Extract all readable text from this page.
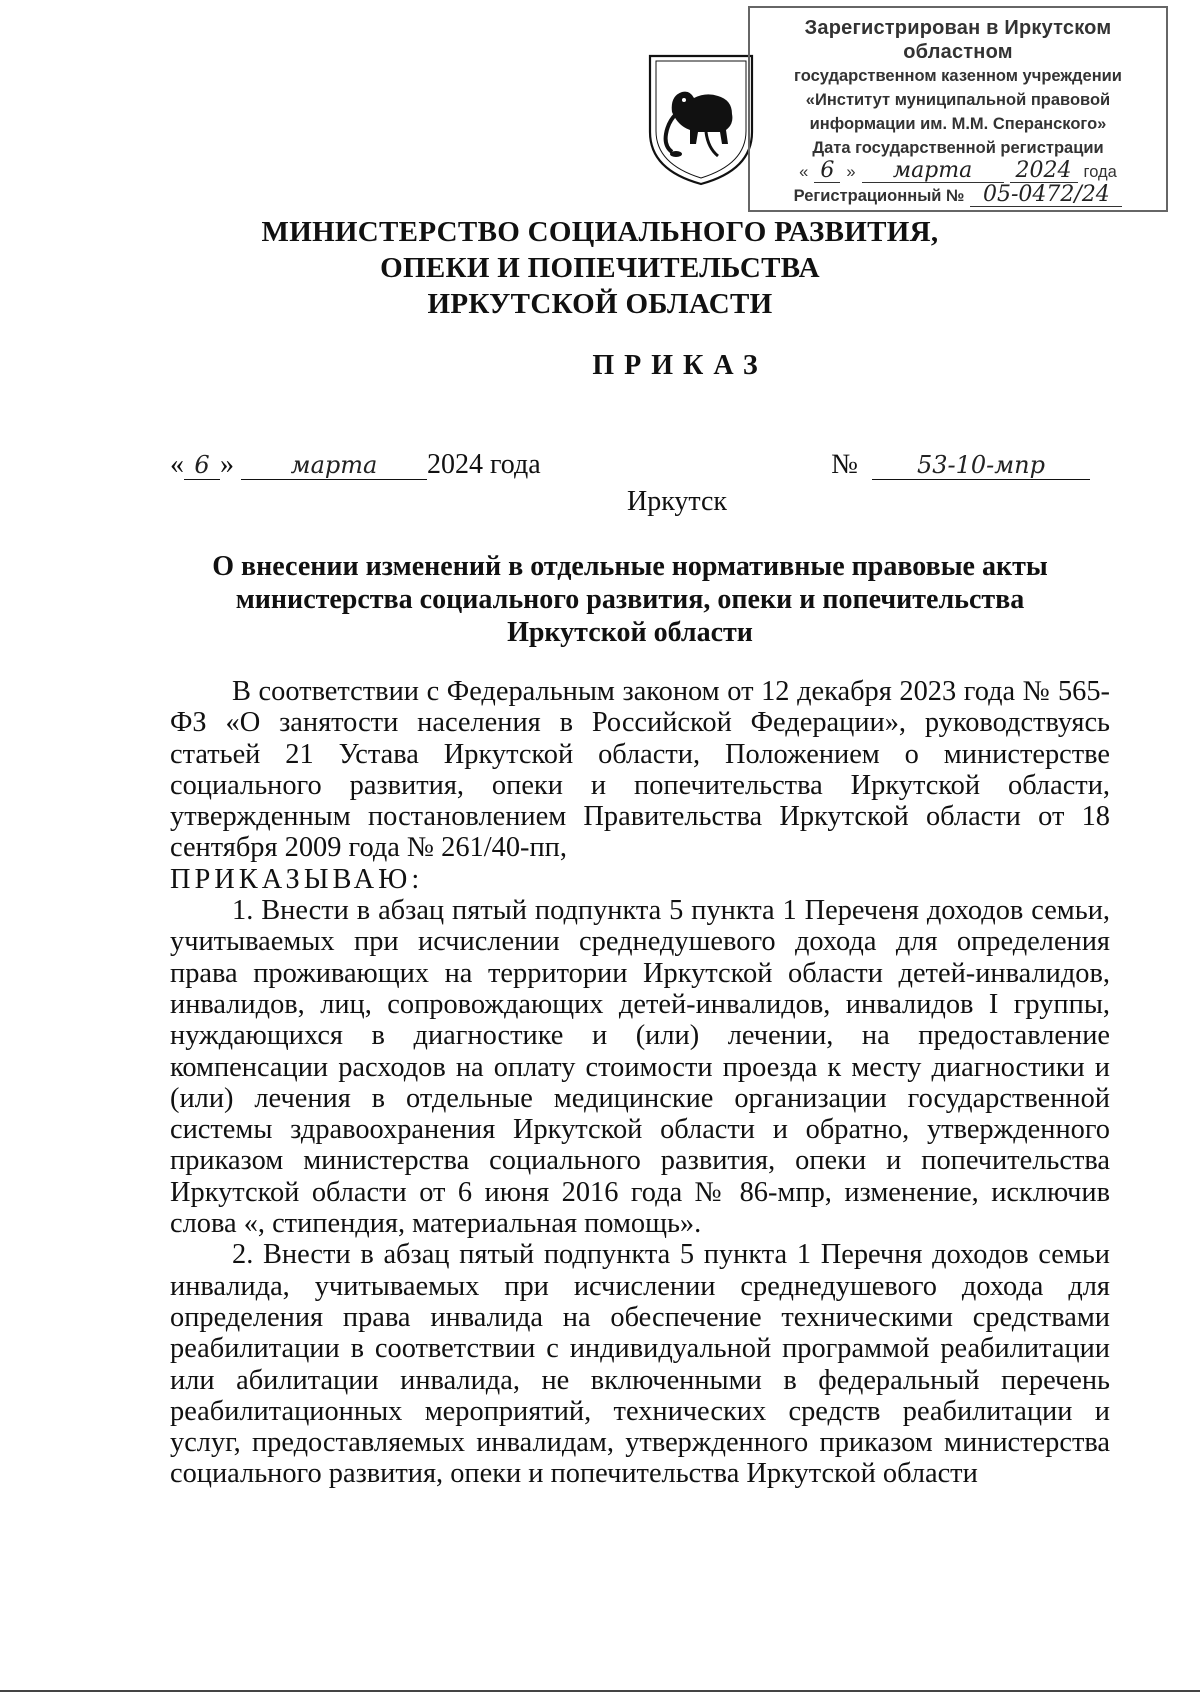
Зарегистрирован в Иркутском областном
государственном казенном учреждении
«Институт муниципальной правовой
информации им. М.М. Сперанского»
Дата государственной регистрации
« 6 »	марта	2024 года
Регистрационный № 05-0472/24
МИНИСТЕРСТВО СОЦИАЛЬНОГО РАЗВИТИЯ,
ОПЕКИ И ПОПЕЧИТЕЛЬСТВА
ИРКУТСКОЙ ОБЛАСТИ
ПРИКАЗ
« 6 » марта 2024 года	№ 53-10-мпр
Иркутск
О внесении изменений в отдельные нормативные правовые акты
министерства социального развития, опеки и попечительства
Иркутской области

В соответствии с Федеральным законом от 12 декабря 2023 года № 565-ФЗ «О занятости населения в Российской Федерации», руководствуясь статьей 21 Устава Иркутской области, Положением о министерстве социального развития, опеки и попечительства Иркутской области, утвержденным постановлением Правительства Иркутской области от 18 сентября 2009 года № 261/40-пп,

ПРИКАЗЫВАЮ:

1. Внести в абзац пятый подпункта 5 пункта 1 Переченя доходов семьи, учитываемых при исчислении среднедушевого дохода для определения права проживающих на территории Иркутской области детей-инвалидов, инвалидов, лиц, сопровождающих детей-инвалидов, инвалидов I группы, нуждающихся в диагностике и (или) лечении, на предоставление компенсации расходов на оплату стоимости проезда к месту диагностики и (или) лечения в отдельные медицинские организации государственной системы здравоохранения Иркутской области и обратно, утвержденного приказом министерства социального развития, опеки и попечительства Иркутской области от 6 июня 2016 года № 86-мпр, изменение, исключив слова «, стипендия, материальная помощь».

2. Внести в абзац пятый подпункта 5 пункта 1 Перечня доходов семьи инвалида, учитываемых при исчислении среднедушевого дохода для определения права инвалида на обеспечение техническими средствами реабилитации в соответствии с индивидуальной программой реабилитации или абилитации инвалида, не включенными в федеральный перечень реабилитационных мероприятий, технических средств реабилитации и услуг, предоставляемых инвалидам, утвержденного приказом министерства социального развития, опеки и попечительства Иркутской области
